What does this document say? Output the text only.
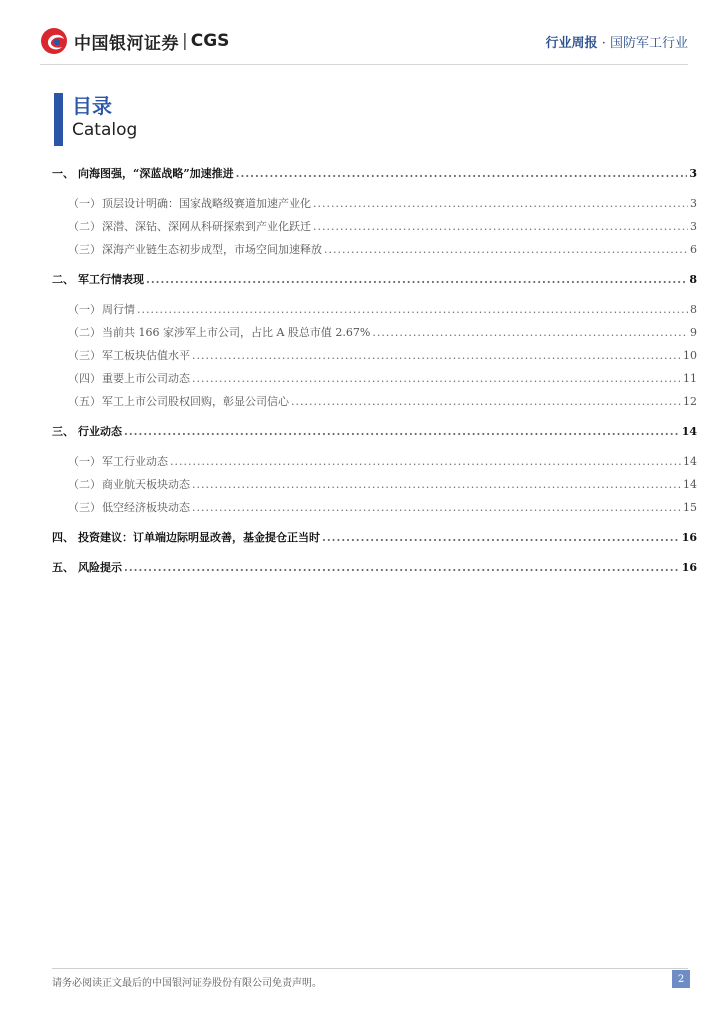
中国银河证券 | CGS	行业周报 · 国防军工行业
目录
Catalog
一、 向海图强，“深蓝战略”加速推进 .....	3
（一） 顶层设计明确：国家战略级赛道加速产业化 .....	3
（二） 深潜、深钻、深网从科研探索到产业化跃迁 .....	3
（三） 深海产业链生态初步成型，市场空间加速释放 .....	6
二、 军工行情表现 .....	8
（一） 周行情 .....	8
（二） 当前共 166 家涉军上市公司，占比 A 股总市值 2.67% .....	9
（三） 军工板块估值水平 .....	10
（四） 重要上市公司动态 .....	11
（五） 军工上市公司股权回购，彰显公司信心 .....	12
三、 行业动态 .....	14
（一） 军工行业动态 .....	14
（二） 商业航天板块动态 .....	14
（三） 低空经济板块动态 .....	15
四、 投资建议：订单端边际明显改善，基金提仓正当时 .....	16
五、 风险提示 .....	16
请务必阅读正文最后的中国银河证券股份有限公司免责声明。	2
